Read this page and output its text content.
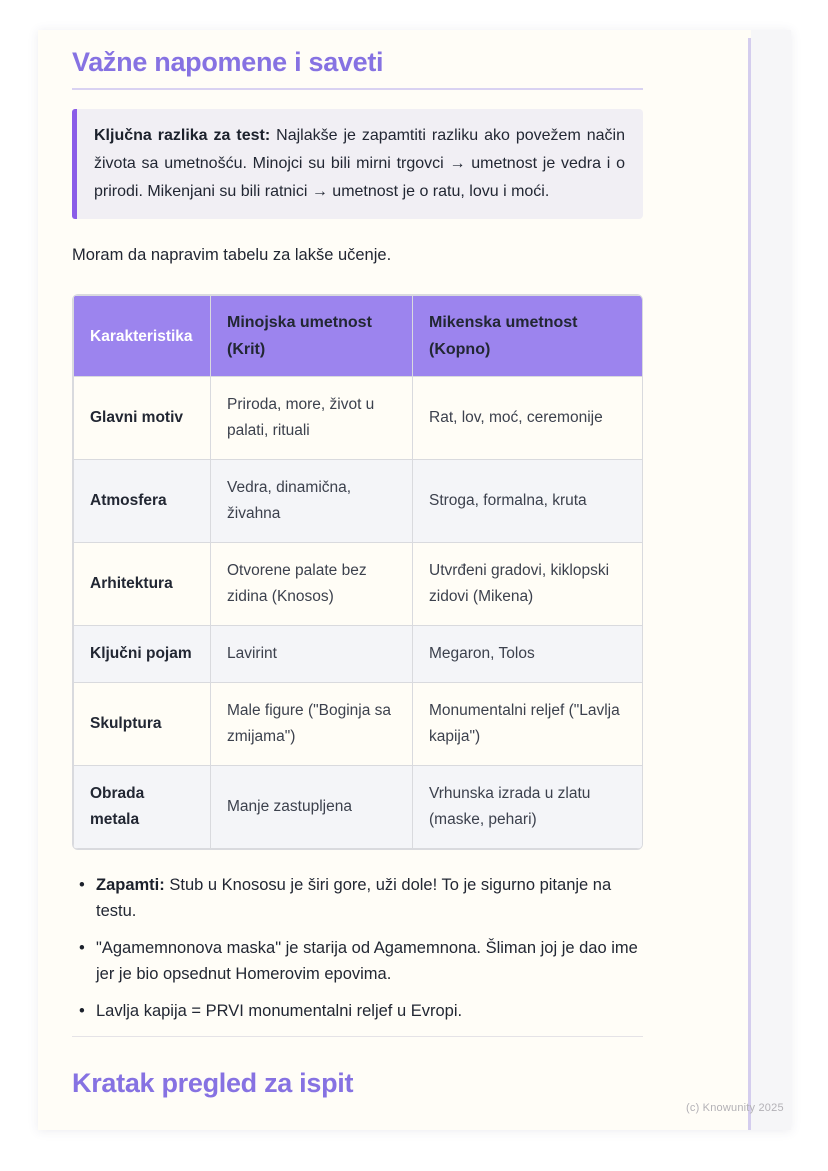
Važne napomene i saveti

Ključna razlika za test: Najlakše je zapamtiti razliku ako povežem način života sa umetnošću. Minojci su bili mirni trgovci → umetnost je vedra i o prirodi. Mikenjani su bili ratnici → umetnost je o ratu, lovu i moći.

Moram da napravim tabelu za lakše učenje.

Karakteristika	Minojska umetnost (Krit)	Mikenska umetnost (Kopno)
Glavni motiv	Priroda, more, život u palati, rituali	Rat, lov, moć, ceremonije
Atmosfera	Vedra, dinamična, živahna	Stroga, formalna, kruta
Arhitektura	Otvorene palate bez zidina (Knosos)	Utvrđeni gradovi, kiklopski zidovi (Mikena)
Ključni pojam	Lavirint	Megaron, Tolos
Skulptura	Male figure ("Boginja sa zmijama")	Monumentalni reljef ("Lavlja kapija")
Obrada metala	Manje zastupljena	Vrhunska izrada u zlatu (maske, pehari)
• Zapamti: Stub u Knososu je širi gore, uži dole! To je sigurno pitanje na testu.
• "Agamemnonova maska" je starija od Agamemnona. Šliman joj je dao ime jer je bio opsednut Homerovim epovima.
• Lavlja kapija = PRVI monumentalni reljef u Evropi.
Kratak pregled za ispit
(c) Knowunity 2025
